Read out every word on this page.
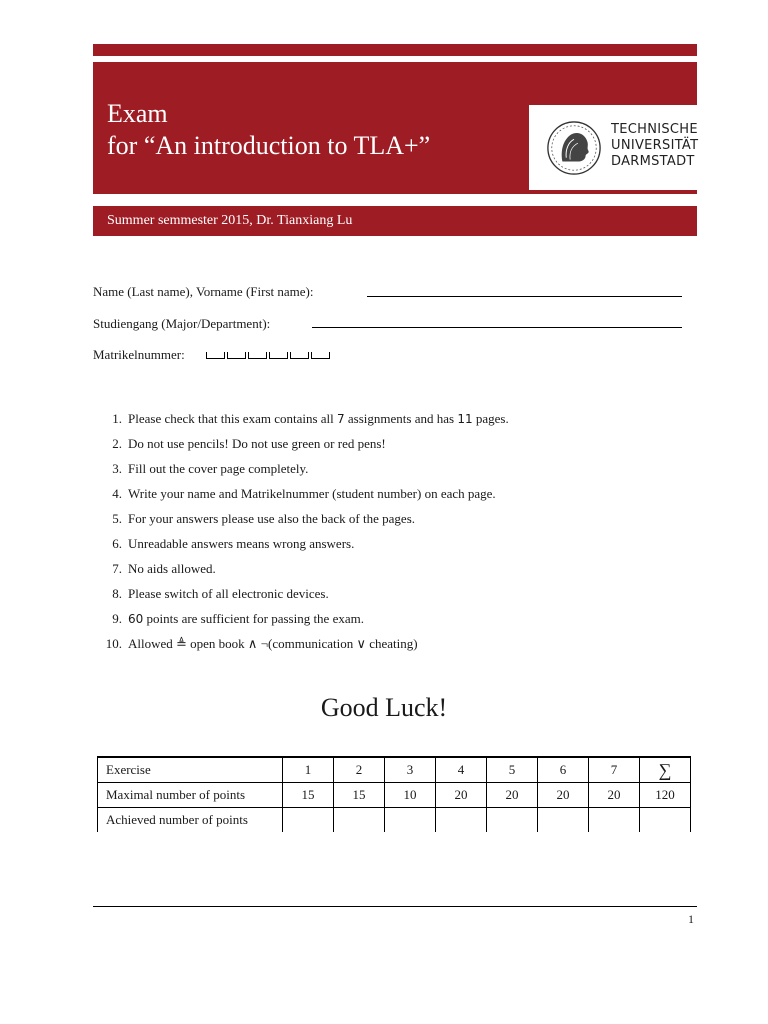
Exam
for “An introduction to TLA+”
TECHNISCHE
UNIVERSITÄT
DARMSTADT
Summer semmester 2015, Dr. Tianxiang Lu
Name (Last name), Vorname (First name):
Studiengang (Major/Department):
Matrikelnummer:
1. Please check that this exam contains all 7 assignments and has 11 pages.
2. Do not use pencils! Do not use green or red pens!
3. Fill out the cover page completely.
4. Write your name and Matrikelnummer (student number) on each page.
5. For your answers please use also the back of the pages.
6. Unreadable answers means wrong answers.
7. No aids allowed.
8. Please switch of all electronic devices.
9. 60 points are sufficient for passing the exam.
10. Allowed ≜ open book ∧ ¬(communication ∨ cheating)
Good Luck!
Exercise	1	2	3	4	5	6	7	∑
Maximal number of points	15	15	10	20	20	20	20	120
Achieved number of points								
1
